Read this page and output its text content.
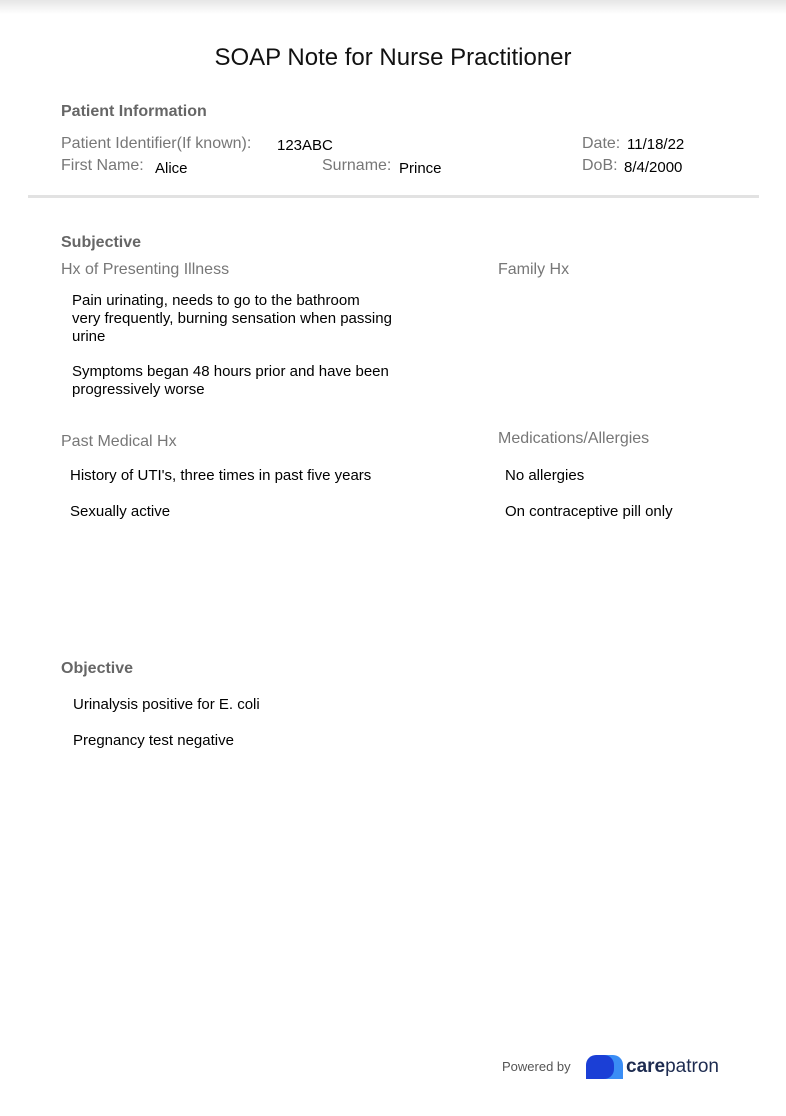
SOAP Note for Nurse Practitioner
Patient Information
Patient Identifier(If known): 123ABC	Date: 11/18/22
First Name: Alice	Surname: Prince	DoB: 8/4/2000
Subjective
Hx of Presenting Illness
Pain urinating, needs to go to the bathroom very frequently, burning sensation when passing urine
Symptoms began 48 hours prior and have been progressively worse
Family Hx
Past Medical Hx
History of UTI's, three times in past five years
Sexually active
Medications/Allergies
No allergies
On contraceptive pill only
Objective
Urinalysis positive for E. coli
Pregnancy test negative
Powered by	carepatron
